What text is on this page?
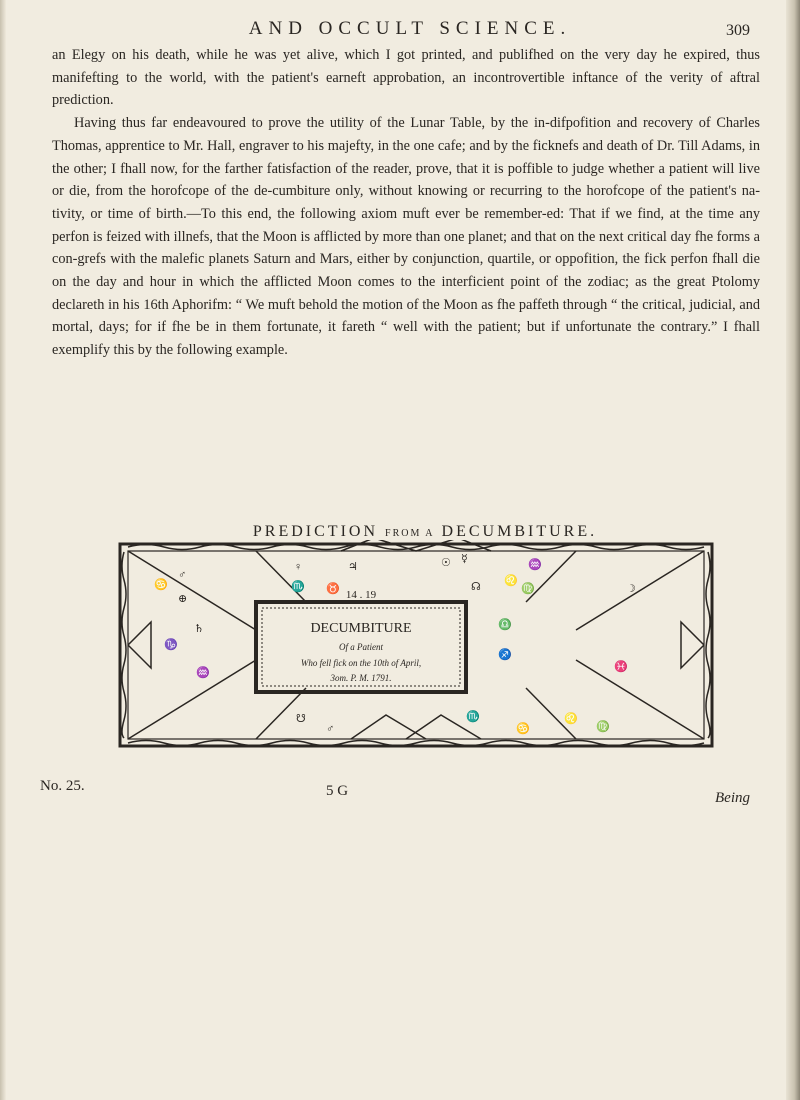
AND OCCULT SCIENCE.	309

an Elegy on his death, while he was yet alive, which I got printed, and publifhed on the very day he expired, thus manifefting to the world, with the patient's earneft approbation, an incontrovertible inftance of the verity of aftral prediction.

Having thus far endeavoured to prove the utility of the Lunar Table, by the in-difpofition and recovery of Charles Thomas, apprentice to Mr. Hall, engraver to his majefty, in the one cafe; and by the ficknefs and death of Dr. Till Adams, in the other; I fhall now, for the farther fatisfaction of the reader, prove, that it is poffible to judge whether a patient will live or die, from the horofcope of the de-cumbiture only, without knowing or recurring to the horofcope of the patient's na-tivity, or time of birth.—To this end, the following axiom muft ever be remember-ed: That if we find, at the time any perfon is feized with illnefs, that the Moon is afflicted by more than one planet; and that on the next critical day fhe forms a con-grefs with the malefic planets Saturn and Mars, either by conjunction, quartile, or oppofition, the fick perfon fhall die on the day and hour in which the afflicted Moon comes to the interficient point of the zodiac; as the great Ptolomy declareth in his 16th Aphorifm: “ We muft behold the motion of the Moon as fhe paffeth through “ the critical, judicial, and mortal, days; for if fhe be in them fortunate, it fareth “ well with the patient; but if unfortunate the contrary.” I fhall exemplify this by the following example.

PREDICTION FROM A DECUMBITURE.
DECUMBITURE
Of a Patient
Who fell fick on the 10th of April,
3om. P. M. 1791.
14 . 19
♂
♋
⊕
♀
♏ ♉
♃	☉ ☿
☊ ♌
♒
♍	☽
♑
♄
♒
♎
♐
♓
☋
♂
♏
♋
♌
♍
No. 25.	5 G	Being
